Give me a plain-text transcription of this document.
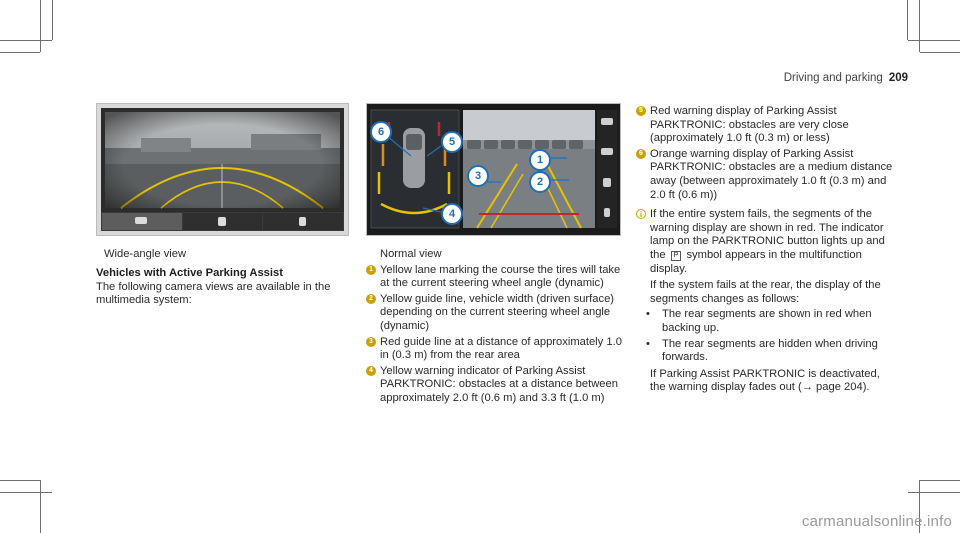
Driving and parking 209
6
5
3
1
2
4
Wide-angle view

Vehicles with Active Parking Assist

The following camera views are available in the multimedia system:

Normal view

1 Yellow lane marking the course the tires will take at the current steering wheel angle (dynamic)
2 Yellow guide line, vehicle width (driven surface) depending on the current steering wheel angle (dynamic)
3 Red guide line at a distance of approximately 1.0 in (0.3 m) from the rear area
4 Yellow warning indicator of Parking Assist PARKTRONIC: obstacles at a distance between approximately 2.0 ft (0.6 m) and 3.3 ft (1.0 m)
5 Red warning display of Parking Assist PARKTRONIC: obstacles are very close (approximately 1.0 ft (0.3 m) or less)
6 Orange warning display of Parking Assist PARKTRONIC: obstacles are a medium distance away (between approximately 1.0 ft (0.3 m) and 2.0 ft (0.6 m))
i If the entire system fails, the segments of the warning display are shown in red. The indicator lamp on the PARKTRONIC button lights up and the P symbol appears in the multifunction display.

If the system fails at the rear, the display of the segments changes as follows:

• The rear segments are shown in red when backing up.
• The rear segments are hidden when driving forwards.

If Parking Assist PARKTRONIC is deactivated, the warning display fades out (→ page 204).

carmanualsonline.info
